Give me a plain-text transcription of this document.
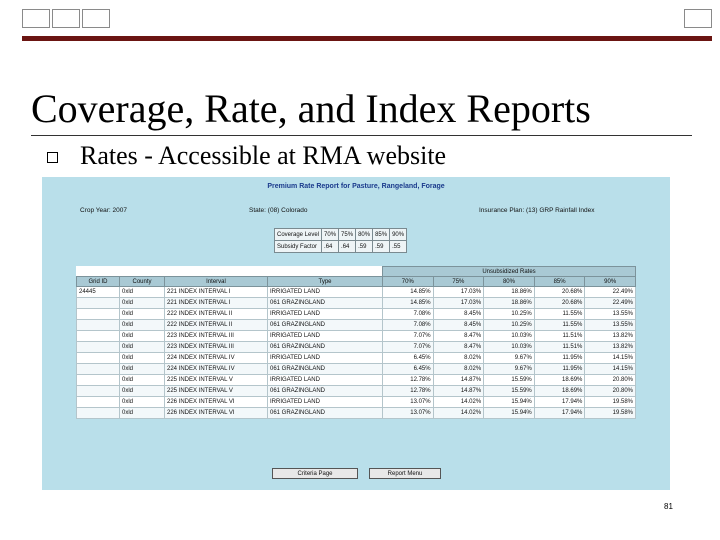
Coverage, Rate, and Index Reports
Rates - Accessible at RMA website
Premium Rate Report for Pasture, Rangeland, Forage
Crop Year: 2007	State: (08) Colorado	Insurance Plan: (13) GRP Rainfall Index
Coverage Level	70%	75%	80%	85%	90%
Subsidy Factor	.64	.64	.59	.59	.55
				Unsubsidized Rates				
Grid ID	County	Interval	Type	70%	75%	80%	85%	90%
24445	0xld	221 INDEX INTERVAL I	IRRIGATED LAND	14.85%	17.03%	18.86%	20.68%	22.49%
	0xld	221 INDEX INTERVAL I	061 GRAZINGLAND	14.85%	17.03%	18.86%	20.68%	22.49%
	0xld	222 INDEX INTERVAL II	IRRIGATED LAND	7.08%	8.45%	10.25%	11.55%	13.55%
	0xld	222 INDEX INTERVAL II	061 GRAZINGLAND	7.08%	8.45%	10.25%	11.55%	13.55%
	0xld	223 INDEX INTERVAL III	IRRIGATED LAND	7.07%	8.47%	10.03%	11.51%	13.82%
	0xld	223 INDEX INTERVAL III	061 GRAZINGLAND	7.07%	8.47%	10.03%	11.51%	13.82%
	0xld	224 INDEX INTERVAL IV	IRRIGATED LAND	6.45%	8.02%	9.67%	11.95%	14.15%
	0xld	224 INDEX INTERVAL IV	061 GRAZINGLAND	6.45%	8.02%	9.67%	11.95%	14.15%
	0xld	225 INDEX INTERVAL V	IRRIGATED LAND	12.78%	14.87%	15.59%	18.69%	20.80%
	0xld	225 INDEX INTERVAL V	061 GRAZINGLAND	12.78%	14.87%	15.59%	18.69%	20.80%
	0xld	226 INDEX INTERVAL VI	IRRIGATED LAND	13.07%	14.02%	15.94%	17.94%	19.58%
	0xld	226 INDEX INTERVAL VI	061 GRAZINGLAND	13.07%	14.02%	15.94%	17.94%	19.58%
Criteria Page	Report Menu
81
